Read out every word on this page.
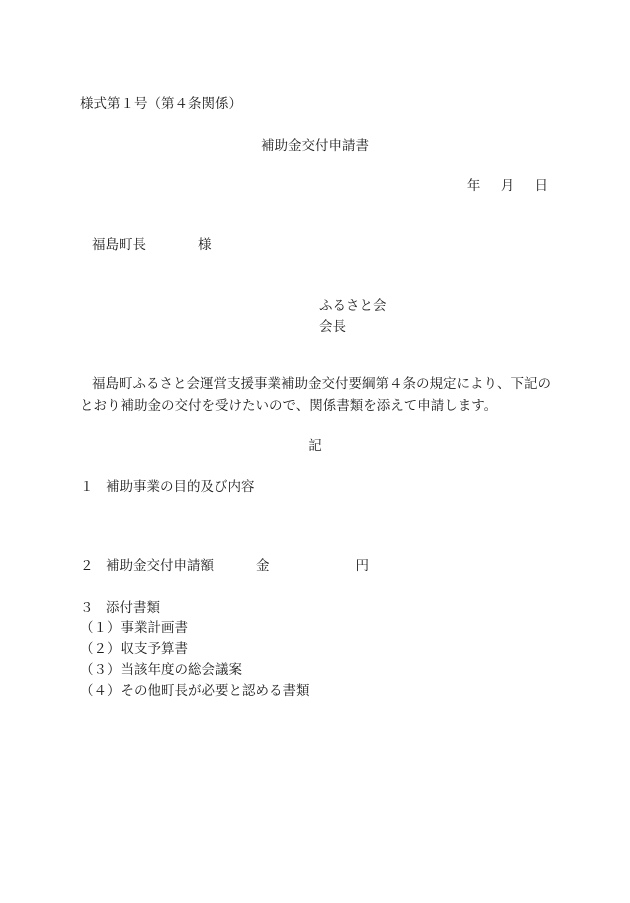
様式第１号（第４条関係）
補助金交付申請書
年 月 日
福島町長	様
ふるさと会
会長
福島町ふるさと会運営支援事業補助金交付要綱第４条の規定により、下記の
とおり補助金の交付を受けたいので、関係書類を添えて申請します。
記
１ 補助事業の目的及び内容
２ 補助金交付申請額	金	円
３ 添付書類
（１）事業計画書
（２）収支予算書
（３）当該年度の総会議案
（４）その他町長が必要と認める書類
